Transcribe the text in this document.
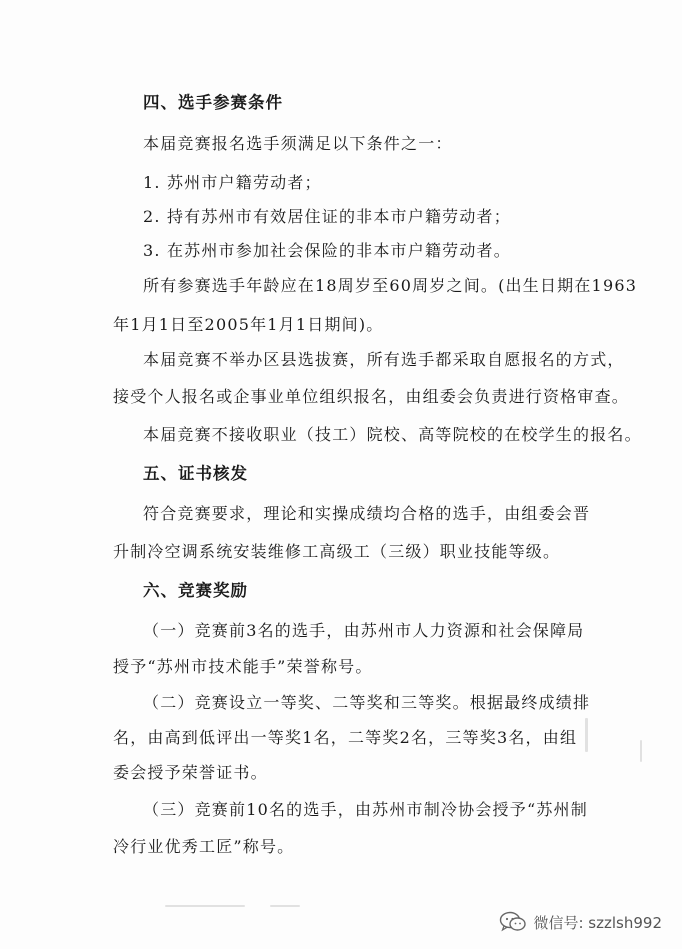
四、选手参赛条件
本届竞赛报名选手须满足以下条件之一：
1. 苏州市户籍劳动者；
2. 持有苏州市有效居住证的非本市户籍劳动者；
3. 在苏州市参加社会保险的非本市户籍劳动者。
所有参赛选手年龄应在18周岁至60周岁之间。(出生日期在1963
年1月1日至2005年1月1日期间)。
本届竞赛不举办区县选拔赛，所有选手都采取自愿报名的方式，
接受个人报名或企事业单位组织报名，由组委会负责进行资格审查。
本届竞赛不接收职业（技工）院校、高等院校的在校学生的报名。
五、证书核发
符合竞赛要求，理论和实操成绩均合格的选手，由组委会晋
升制冷空调系统安装维修工高级工（三级）职业技能等级。
六、竞赛奖励
（一）竞赛前3名的选手，由苏州市人力资源和社会保障局
授予“苏州市技术能手”荣誉称号。
（二）竞赛设立一等奖、二等奖和三等奖。根据最终成绩排
名，由高到低评出一等奖1名，二等奖2名，三等奖3名，由组
委会授予荣誉证书。
（三）竞赛前10名的选手，由苏州市制冷协会授予“苏州制
冷行业优秀工匠”称号。
微信号: szzlsh992
